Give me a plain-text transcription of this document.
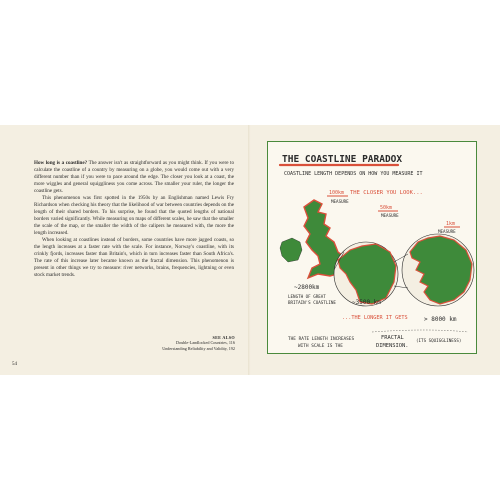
How long is a coastline? The answer isn't as straightforward as you might think. If you were to calculate the coastline of a country by measuring on a globe, you would come out with a very different number than if you were to pace around the edge. The closer you look at a coast, the more wiggles and general squiggliness you come across. The smaller your ruler, the longer the coastline gets.

This phenomenon was first spotted in the 1950s by an Englishman named Lewis Fry Richardson when checking his theory that the likelihood of war between countries depends on the length of their shared borders. To his surprise, he found that the quoted lengths of national borders varied significantly. While measuring on maps of different scales, he saw that the smaller the scale of the map, or the smaller the width of the calipers he measured with, the more the length increased.

When looking at coastlines instead of borders, some countries have more jagged coasts, so the length increases at a faster rate with the scale. For instance, Norway's coastline, with its crinkly fjords, increases faster than Britain's, which in turn increases faster than South Africa's. The rate of this increase later became known as the fractal dimension. This phenomenon is present in other things we try to measure: river networks, brains, frequencies, lightning or even stock market trends.

SEE ALSO
Double-Landlocked Countries, 116
Understanding Reliability and Validity, 192
54
THE COASTLINE PARADOX
COASTLINE LENGTH DEPENDS ON HOW YOU MEASURE IT
THE CLOSER YOU LOOK...
100km
MEASURE
50km
MEASURE
1km
MEASURE
~2800km
LENGTH OF GREAT
BRITAIN'S COASTLINE	~3500 km
...THE LONGER IT GETS	> 8000 km
THE RATE LENGTH INCREASES
WITH SCALE IS THE
FRACTAL
DIMENSION.
(ITS SQUIGGLINESS)
